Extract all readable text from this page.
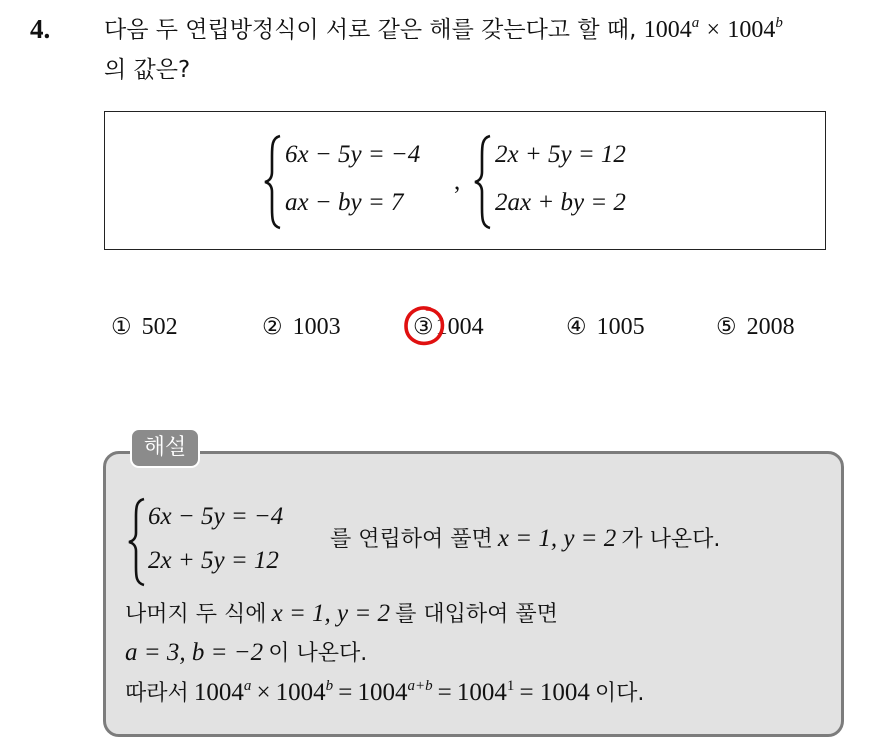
4. 다음 두 연립방정식이 서로 같은 해를 갖는다고 할 때, $1004^a \times 1004^b$
의 값은?
6x − 5y = −4
ax − by = 7
,
2x + 5y = 12
2ax + by = 2
① 502	② 1003	③1004	④ 1005	⑤ 2008
해설
6x − 5y = −4
2x + 5y = 12
를 연립하여 풀면 x = 1, y = 2 가 나온다.
나머지 두 식에 x = 1, y = 2 를 대입하여 풀면
a = 3, b = −2 이 나온다.
따라서 1004a × 1004b = 1004a+b = 10041 = 1004 이다.
